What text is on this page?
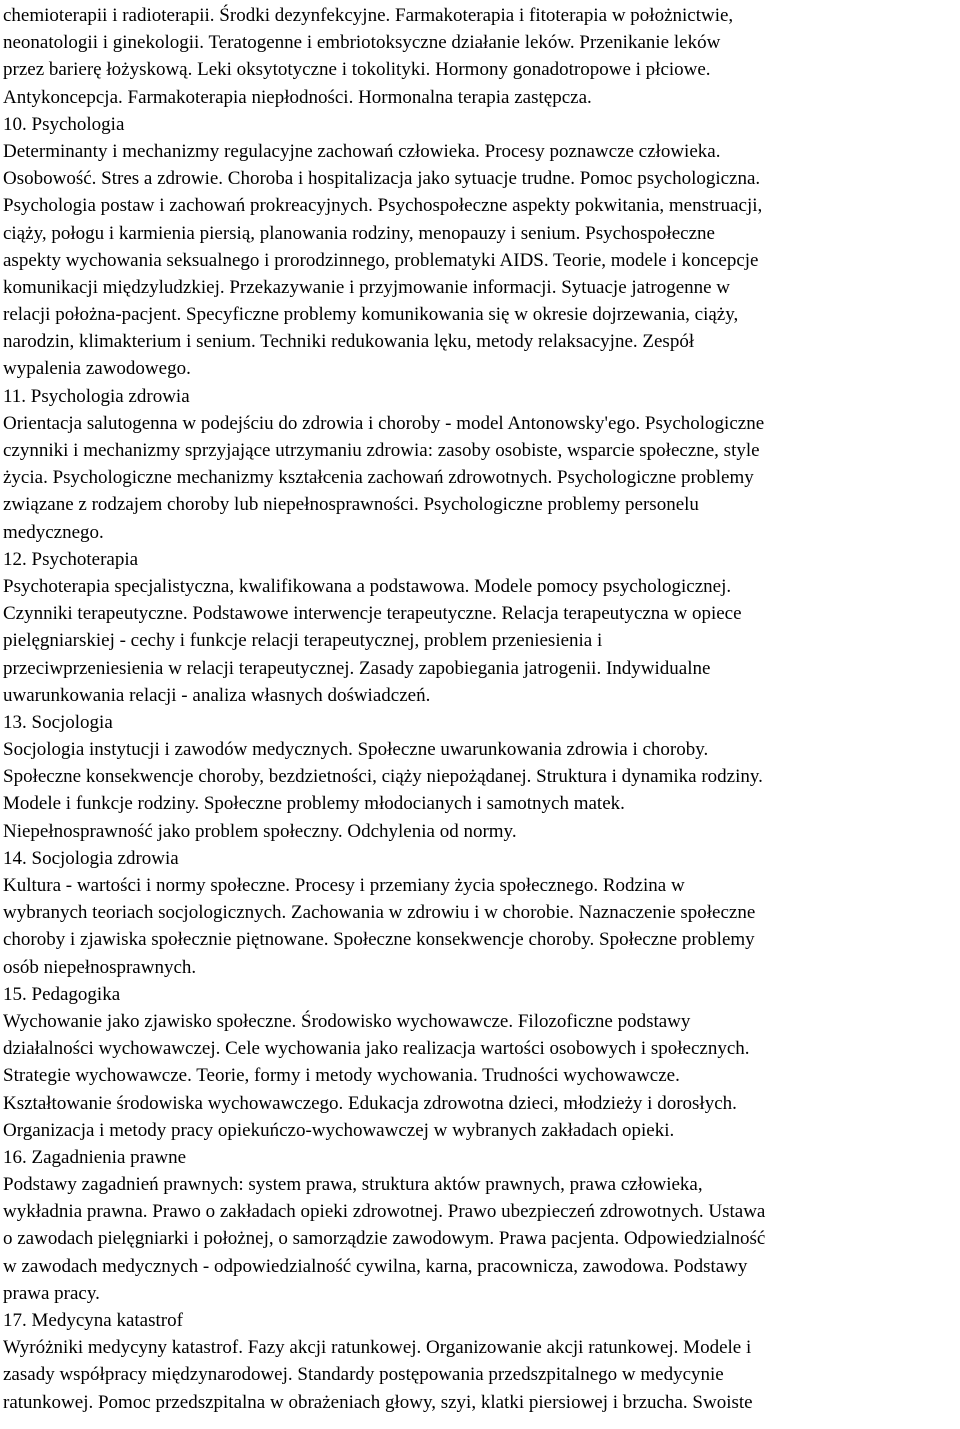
chemioterapii i radioterapii. Środki dezynfekcyjne. Farmakoterapia i fitoterapia w położnictwie,
neonatologii i ginekologii. Teratogenne i embriotoksyczne działanie leków. Przenikanie leków
przez barierę łożyskową. Leki oksytotyczne i tokolityki. Hormony gonadotropowe i płciowe.
Antykoncepcja. Farmakoterapia niepłodności. Hormonalna terapia zastępcza.
10. Psychologia
Determinanty i mechanizmy regulacyjne zachowań człowieka. Procesy poznawcze człowieka.
Osobowość. Stres a zdrowie. Choroba i hospitalizacja jako sytuacje trudne. Pomoc psychologiczna.
Psychologia postaw i zachowań prokreacyjnych. Psychospołeczne aspekty pokwitania, menstruacji,
ciąży, połogu i karmienia piersią, planowania rodziny, menopauzy i senium. Psychospołeczne
aspekty wychowania seksualnego i prorodzinnego, problematyki AIDS. Teorie, modele i koncepcje
komunikacji międzyludzkiej. Przekazywanie i przyjmowanie informacji. Sytuacje jatrogenne w
relacji położna-pacjent. Specyficzne problemy komunikowania się w okresie dojrzewania, ciąży,
narodzin, klimakterium i senium. Techniki redukowania lęku, metody relaksacyjne. Zespół
wypalenia zawodowego.
11. Psychologia zdrowia
Orientacja salutogenna w podejściu do zdrowia i choroby - model Antonowsky'ego. Psychologiczne
czynniki i mechanizmy sprzyjające utrzymaniu zdrowia: zasoby osobiste, wsparcie społeczne, style
życia. Psychologiczne mechanizmy kształcenia zachowań zdrowotnych. Psychologiczne problemy
związane z rodzajem choroby lub niepełnosprawności. Psychologiczne problemy personelu
medycznego.
12. Psychoterapia
Psychoterapia specjalistyczna, kwalifikowana a podstawowa. Modele pomocy psychologicznej.
Czynniki terapeutyczne. Podstawowe interwencje terapeutyczne. Relacja terapeutyczna w opiece
pielęgniarskiej - cechy i funkcje relacji terapeutycznej, problem przeniesienia i
przeciwprzeniesienia w relacji terapeutycznej. Zasady zapobiegania jatrogenii. Indywidualne
uwarunkowania relacji - analiza własnych doświadczeń.
13. Socjologia
Socjologia instytucji i zawodów medycznych. Społeczne uwarunkowania zdrowia i choroby.
Społeczne konsekwencje choroby, bezdzietności, ciąży niepożądanej. Struktura i dynamika rodziny.
Modele i funkcje rodziny. Społeczne problemy młodocianych i samotnych matek.
Niepełnosprawność jako problem społeczny. Odchylenia od normy.
14. Socjologia zdrowia
Kultura - wartości i normy społeczne. Procesy i przemiany życia społecznego. Rodzina w
wybranych teoriach socjologicznych. Zachowania w zdrowiu i w chorobie. Naznaczenie społeczne
choroby i zjawiska społecznie piętnowane. Społeczne konsekwencje choroby. Społeczne problemy
osób niepełnosprawnych.
15. Pedagogika
Wychowanie jako zjawisko społeczne. Środowisko wychowawcze. Filozoficzne podstawy
działalności wychowawczej. Cele wychowania jako realizacja wartości osobowych i społecznych.
Strategie wychowawcze. Teorie, formy i metody wychowania. Trudności wychowawcze.
Kształtowanie środowiska wychowawczego. Edukacja zdrowotna dzieci, młodzieży i dorosłych.
Organizacja i metody pracy opiekuńczo-wychowawczej w wybranych zakładach opieki.
16. Zagadnienia prawne
Podstawy zagadnień prawnych: system prawa, struktura aktów prawnych, prawa człowieka,
wykładnia prawna. Prawo o zakładach opieki zdrowotnej. Prawo ubezpieczeń zdrowotnych. Ustawa
o zawodach pielęgniarki i położnej, o samorządzie zawodowym. Prawa pacjenta. Odpowiedzialność
w zawodach medycznych - odpowiedzialność cywilna, karna, pracownicza, zawodowa. Podstawy
prawa pracy.
17. Medycyna katastrof
Wyróżniki medycyny katastrof. Fazy akcji ratunkowej. Organizowanie akcji ratunkowej. Modele i
zasady współpracy międzynarodowej. Standardy postępowania przedszpitalnego w medycynie
ratunkowej. Pomoc przedszpitalna w obrażeniach głowy, szyi, klatki piersiowej i brzucha. Swoiste
